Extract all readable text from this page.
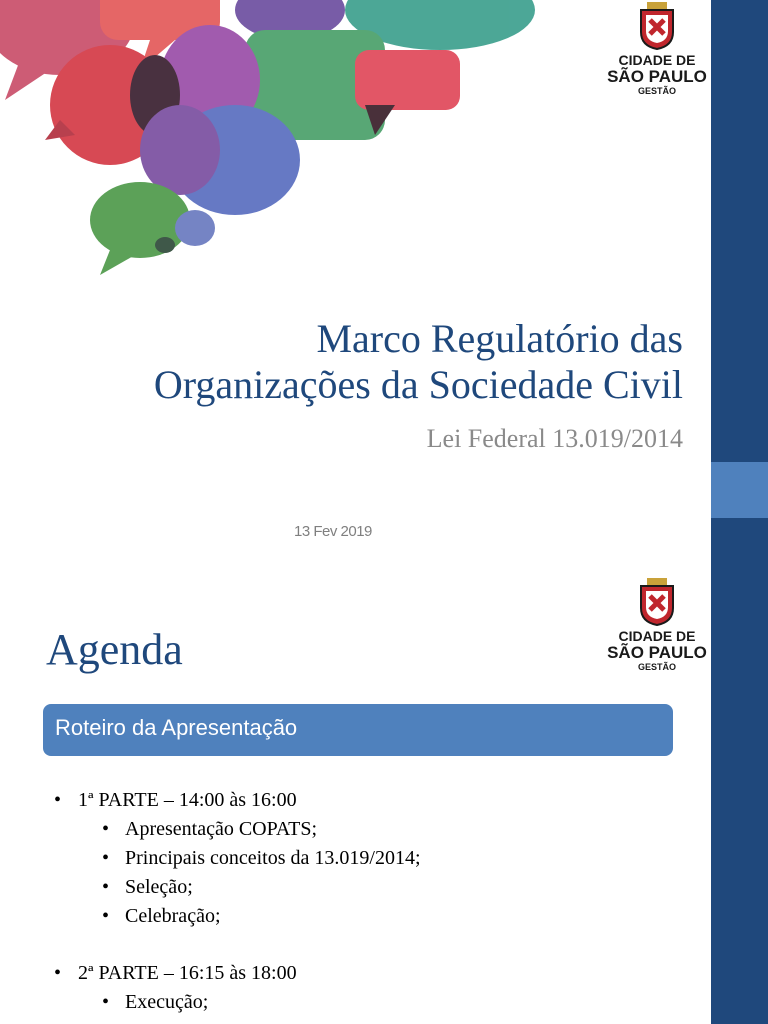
CIDADE DE
SÃO PAULO
GESTÃO
Marco Regulatório das
Organizações da Sociedade Civil
Lei Federal 13.019/2014
13 Fev 2019
CIDADE DE
SÃO PAULO
GESTÃO
Agenda
Roteiro da Apresentação
• 1ª PARTE – 14:00 às 16:00
• Apresentação COPATS;
• Principais conceitos da 13.019/2014;
• Seleção;
• Celebração;
• 2ª PARTE – 16:15 às 18:00
• Execução;
